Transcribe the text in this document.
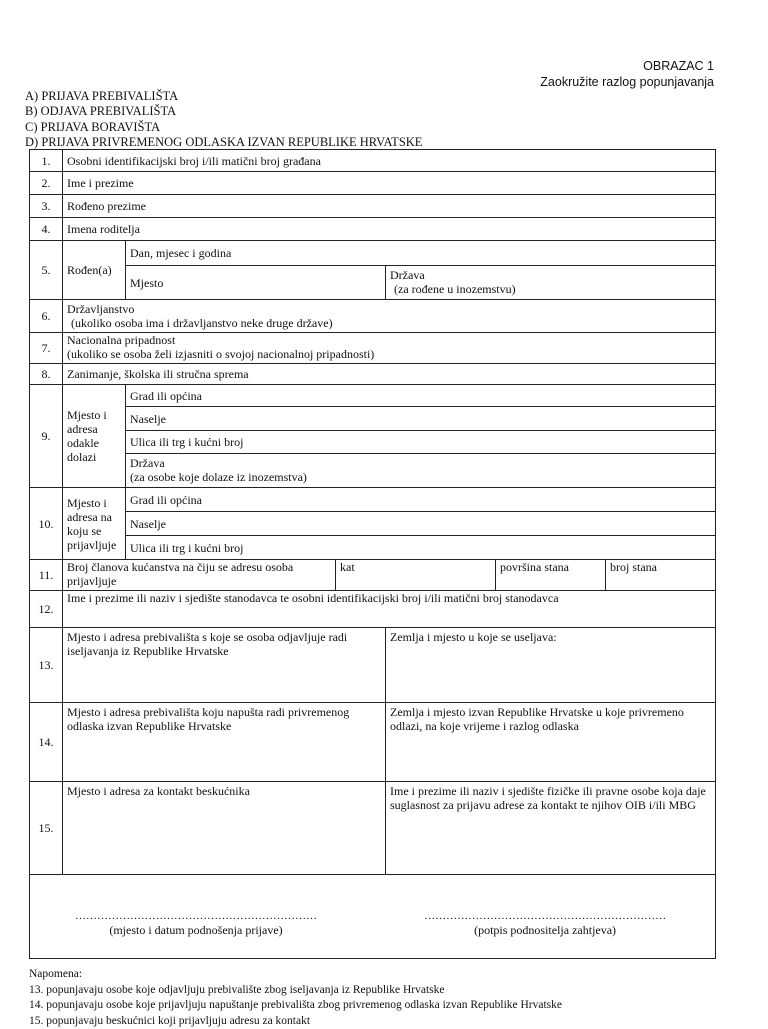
OBRAZAC 1
Zaokružite razlog popunjavanja
A) PRIJAVA PREBIVALIŠTA
B) ODJAVA PREBIVALIŠTA
C) PRIJAVA BORAVIŠTA
D) PRIJAVA PRIVREMENOG ODLASKA IZVAN REPUBLIKE HRVATSKE
1.	Osobni identifikacijski broj i/ili matični broj građana					

2.	Ime i prezime					

3.	Rođeno prezime					

4.	Imena roditelja					

5.	Rođen(a)	Dan, mjesec i godina				

		Mjesto		Država
(za rođene u inozemstvu)		

6.	Državljanstvo
(ukoliko osoba ima i državljanstvo neke druge države)					

7.	Nacionalna pripadnost
(ukoliko se osoba želi izjasniti o svojoj nacionalnoj pripadnosti)					

8.	Zanimanje, školska ili stručna sprema					

9.	Mjesto i adresa odakle dolazi	Grad ili općina				

		Naselje				

		Ulica ili trg i kućni broj				

		Država
(za osobe koje dolaze iz inozemstva)				

10.	Mjesto i adresa na koju se prijavljuje	Grad ili općina				

		Naselje				

		Ulica ili trg i kućni broj				

11.	Broj članova kućanstva na čiju se adresu osoba prijavljuje		kat		površina stana	broj stana

12.	Ime i prezime ili naziv i sjedište stanodavca te osobni identifikacijski broj i/ili matični broj stanodavca					

13.	Mjesto i adresa prebivališta s koje se osoba odjavljuje radi iseljavanja iz Republike Hrvatske			Zemlja i mjesto u koje se useljava:		

14.	Mjesto i adresa prebivališta koju napušta radi privremenog odlaska izvan Republike Hrvatske			Zemlja i mjesto izvan Republike Hrvatske u koje privremeno odlazi, na koje vrijeme i razlog odlaska		

15.	Mjesto i adresa za kontakt beskućnika			Ime i prezime ili naziv i sjedište fizičke ili pravne osobe koja daje suglasnost za prijavu adrese za kontakt te njihov OIB i/ili MBG		

…………………………………………………………
(mjesto i datum podnošenja prijave)
…………………………………………………………
(potpis podnositelja zahtjeva)						
Napomena:
13. popunjavaju osobe koje odjavljuju prebivalište zbog iseljavanja iz Republike Hrvatske
14. popunjavaju osobe koje prijavljuju napuštanje prebivališta zbog privremenog odlaska izvan Republike Hrvatske
15. popunjavaju beskućnici koji prijavljuju adresu za kontakt
